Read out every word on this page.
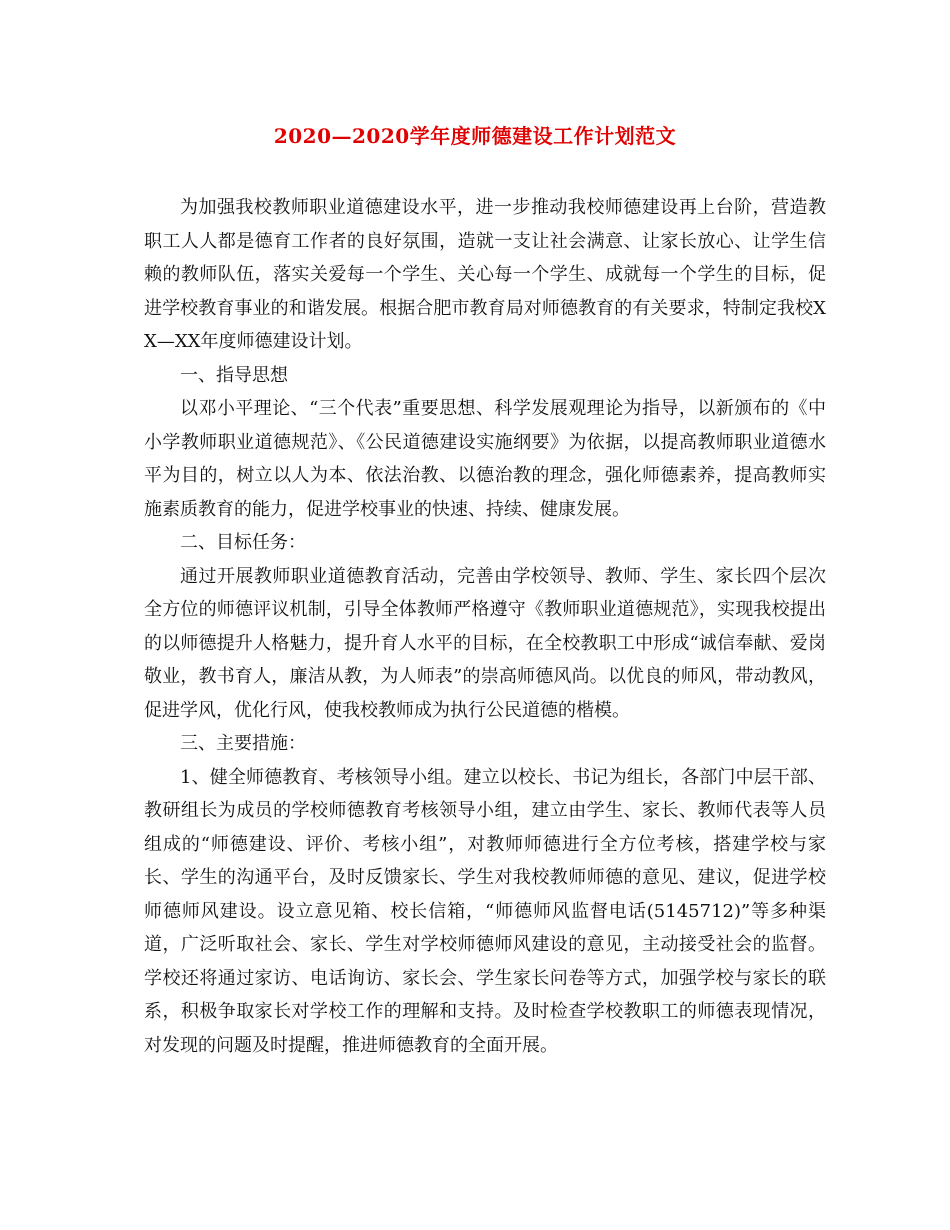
2020—2020学年度师德建设工作计划范文

为加强我校教师职业道德建设水平，进一步推动我校师德建设再上台阶，营造教职工人人都是德育工作者的良好氛围，造就一支让社会满意、让家长放心、让学生信赖的教师队伍，落实关爱每一个学生、关心每一个学生、成就每一个学生的目标，促进学校教育事业的和谐发展。根据合肥市教育局对师德教育的有关要求，特制定我校XX—XX年度师德建设计划。

一、指导思想

以邓小平理论、“三个代表”重要思想、科学发展观理论为指导，以新颁布的《中小学教师职业道德规范》、《公民道德建设实施纲要》为依据，以提高教师职业道德水平为目的，树立以人为本、依法治教、以德治教的理念，强化师德素养，提高教师实施素质教育的能力，促进学校事业的快速、持续、健康发展。

二、目标任务：

通过开展教师职业道德教育活动，完善由学校领导、教师、学生、家长四个层次全方位的师德评议机制，引导全体教师严格遵守《教师职业道德规范》，实现我校提出的以师德提升人格魅力，提升育人水平的目标，在全校教职工中形成“诚信奉献、爱岗敬业，教书育人，廉洁从教，为人师表”的崇高师德风尚。以优良的师风，带动教风，促进学风，优化行风，使我校教师成为执行公民道德的楷模。

三、主要措施：

1、健全师德教育、考核领导小组。建立以校长、书记为组长，各部门中层干部、教研组长为成员的学校师德教育考核领导小组，建立由学生、家长、教师代表等人员组成的“师德建设、评价、考核小组”，对教师师德进行全方位考核，搭建学校与家长、学生的沟通平台，及时反馈家长、学生对我校教师师德的意见、建议，促进学校师德师风建设。设立意见箱、校长信箱，“师德师风监督电话(5145712)”等多种渠道，广泛听取社会、家长、学生对学校师德师风建设的意见，主动接受社会的监督。学校还将通过家访、电话询访、家长会、学生家长问卷等方式，加强学校与家长的联系，积极争取家长对学校工作的理解和支持。及时检查学校教职工的师德表现情况，对发现的问题及时提醒，推进师德教育的全面开展。
